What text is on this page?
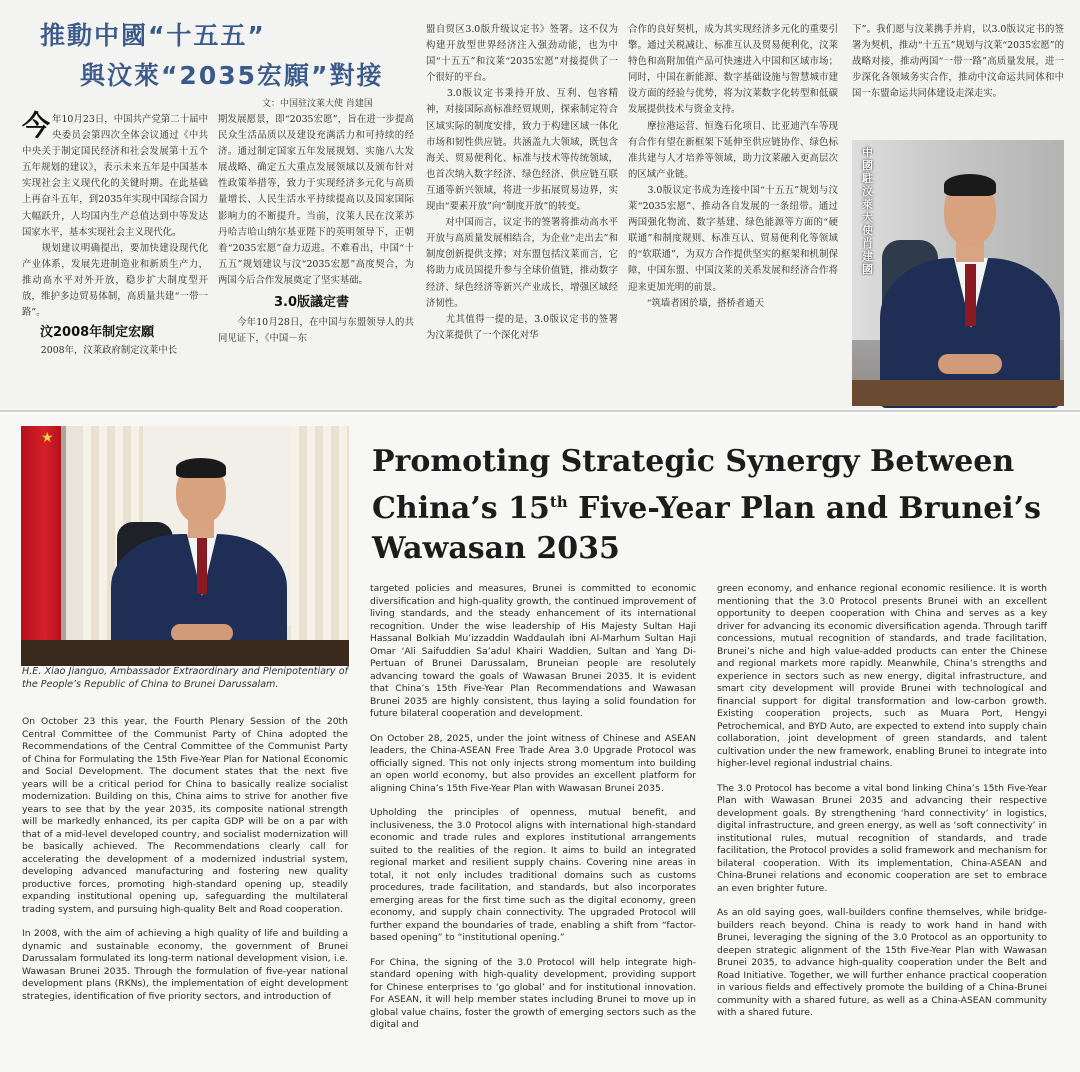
推動中國“十五五”
與汶萊“2035宏願”對接
文：中国驻汶莱大使 肖建国

今年10月23日，中国共产党第二十届中央委员会第四次全体会议通过《中共中央关于制定国民经济和社会发展第十五个五年规划的建议》，表示未来五年是中国基本实现社会主义现代化的关键时期。在此基础上再奋斗五年，到2035年实现中国综合国力大幅跃升，人均国内生产总值达到中等发达国家水平，基本实现社会主义现代化。

　　规划建议明确提出，要加快建设现代化产业体系，发展先进制造业和新质生产力，推动高水平对外开放，稳步扩大制度型开放，维护多边贸易体制，高质量共建“一带一路”。

汶2008年制定宏願

　　2008年，汶莱政府制定汶莱中长

期发展愿景，即“2035宏愿”，旨在进一步提高民众生活品质以及建设充满活力和可持续的经济。通过制定国家五年发展规划、实施八大发展战略、确定五大重点发展领域以及颁布针对性政策举措等，致力于实现经济多元化与高质量增长、人民生活水平持续提高以及国家国际影响力的不断提升。当前，汶莱人民在汶莱苏丹哈吉哈山纳尔基亚陛下的英明领导下，正朝着“2035宏愿”奋力迈进。不难看出，中国“十五五”规划建议与汶“2035宏愿”高度契合，为两国今后合作发展奠定了坚实基础。

3.0版議定書

　　今年10月28日，在中国与东盟领导人的共同见证下，《中国－东

盟自贸区3.0版升级议定书》签署。这不仅为构建开放型世界经济注入强劲动能，也为中国“十五五”和汶莱“2035宏愿”对接提供了一个很好的平台。

　　3.0版议定书秉持开放、互利、包容精神，对接国际高标准经贸规则，探索制定符合区域实际的制度安排，致力于构建区域一体化市场和韧性供应链。共涵盖九大领域，既包含海关、贸易便利化、标准与技术等传统领域，也首次纳入数字经济、绿色经济、供应链互联互通等新兴领域，将进一步拓展贸易边界，实现由“要素开放”向“制度开放”的转变。

　　对中国而言，议定书的签署将推动高水平开放与高质量发展相结合，为企业“走出去”和制度创新提供支撑；对东盟包括汶莱而言，它将助力成员国提升参与全球价值链，推动数字经济、绿色经济等新兴产业成长，增强区域经济韧性。

　　尤其值得一提的是，3.0版议定书的签署为汶莱提供了一个深化对华

合作的良好契机，成为其实现经济多元化的重要引擎。通过关税减让、标准互认及贸易便利化，汶莱特色和高附加值产品可快速进入中国和区域市场；同时，中国在新能源、数字基础设施与智慧城市建设方面的经验与优势，将为汶莱数字化转型和低碳发展提供技术与资金支持。

　　摩拉港运营、恒逸石化项目、比亚迪汽车等现有合作有望在新框架下延伸至供应链协作、绿色标准共建与人才培养等领域，助力汶莱融入更高层次的区域产业链。

　　3.0版议定书成为连接中国“十五五”规划与汶莱“2035宏愿”、推动各自发展的一条纽带。通过两国强化物流、数字基建、绿色能源等方面的“硬联通”和制度规则、标准互认、贸易便利化等领域的“软联通”，为双方合作提供坚实的框架和机制保障，中国东盟、中国汶莱的关系发展和经济合作将迎来更加光明的前景。

　　“筑墙者困於墙，搭桥者通天

下”。我们愿与汶莱携手并肩，以3.0版议定书的签署为契机，推动“十五五”规划与汶莱“2035宏愿”的战略对接，推动两国“一带一路”高质量发展，进一步深化各领域务实合作，推动中汶命运共同体和中国一东盟命运共同体建设走深走实。

中國駐汶萊大使肖建國
★
H.E. Xiao Jianguo, Ambassador Extraordinary and Plenipotentiary of the People’s Republic of China to Brunei Darussalam.
Promoting Strategic Synergy Between China’s 15th Five-Year Plan and Brunei’s Wawasan 2035

On October 23 this year, the Fourth Plenary Session of the 20th Central Committee of the Communist Party of China adopted the Recommendations of the Central Committee of the Communist Party of China for Formulating the 15th Five-Year Plan for National Economic and Social Development. The document states that the next five years will be a critical period for China to basically realize socialist modernization. Building on this, China aims to strive for another five years to see that by the year 2035, its composite national strength will be markedly enhanced, its per capita GDP will be on a par with that of a mid-level developed country, and socialist modernization will be basically achieved. The Recommendations clearly call for accelerating the development of a modernized industrial system, developing advanced manufacturing and fostering new quality productive forces, promoting high-standard opening up, steadily expanding institutional opening up, safeguarding the multilateral trading system, and pursuing high-quality Belt and Road cooperation.

In 2008, with the aim of achieving a high quality of life and building a dynamic and sustainable economy, the government of Brunei Darussalam formulated its long-term national development vision, i.e. Wawasan Brunei 2035. Through the formulation of five-year national development plans (RKNs), the implementation of eight development strategies, identification of five priority sectors, and introduction of

targeted policies and measures, Brunei is committed to economic diversification and high-quality growth, the continued improvement of living standards, and the steady enhancement of its international recognition. Under the wise leadership of His Majesty Sultan Haji Hassanal Bolkiah Mu’izzaddin Waddaulah ibni Al-Marhum Sultan Haji Omar ‘Ali Saifuddien Sa’adul Khairi Waddien, Sultan and Yang Di-Pertuan of Brunei Darussalam, Bruneian people are resolutely advancing toward the goals of Wawasan Brunei 2035. It is evident that China’s 15th Five-Year Plan Recommendations and Wawasan Brunei 2035 are highly consistent, thus laying a solid foundation for future bilateral cooperation and development.

On October 28, 2025, under the joint witness of Chinese and ASEAN leaders, the China-ASEAN Free Trade Area 3.0 Upgrade Protocol was officially signed. This not only injects strong momentum into building an open world economy, but also provides an excellent platform for aligning China’s 15th Five-Year Plan with Wawasan Brunei 2035.

Upholding the principles of openness, mutual benefit, and inclusiveness, the 3.0 Protocol aligns with international high-standard economic and trade rules and explores institutional arrangements suited to the realities of the region. It aims to build an integrated regional market and resilient supply chains. Covering nine areas in total, it not only includes traditional domains such as customs procedures, trade facilitation, and standards, but also incorporates emerging areas for the first time such as the digital economy, green economy, and supply chain connectivity. The upgraded Protocol will further expand the boundaries of trade, enabling a shift from “factor-based opening” to “institutional opening.”

For China, the signing of the 3.0 Protocol will help integrate high-standard opening with high-quality development, providing support for Chinese enterprises to ‘go global’ and for institutional innovation. For ASEAN, it will help member states including Brunei to move up in global value chains, foster the growth of emerging sectors such as the digital and

green economy, and enhance regional economic resilience. It is worth mentioning that the 3.0 Protocol presents Brunei with an excellent opportunity to deepen cooperation with China and serves as a key driver for advancing its economic diversification agenda. Through tariff concessions, mutual recognition of standards, and trade facilitation, Brunei’s niche and high value-added products can enter the Chinese and regional markets more rapidly. Meanwhile, China’s strengths and experience in sectors such as new energy, digital infrastructure, and smart city development will provide Brunei with technological and financial support for digital transformation and low-carbon growth. Existing cooperation projects, such as Muara Port, Hengyi Petrochemical, and BYD Auto, are expected to extend into supply chain collaboration, joint development of green standards, and talent cultivation under the new framework, enabling Brunei to integrate into higher-level regional industrial chains.

The 3.0 Protocol has become a vital bond linking China’s 15th Five-Year Plan with Wawasan Brunei 2035 and advancing their respective development goals. By strengthening ‘hard connectivity’ in logistics, digital infrastructure, and green energy, as well as ‘soft connectivity’ in institutional rules, mutual recognition of standards, and trade facilitation, the Protocol provides a solid framework and mechanism for bilateral cooperation. With its implementation, China-ASEAN and China-Brunei relations and economic cooperation are set to embrace an even brighter future.

As an old saying goes, wall-builders confine themselves, while bridge-builders reach beyond. China is ready to work hand in hand with Brunei, leveraging the signing of the 3.0 Protocol as an opportunity to deepen strategic alignment of the 15th Five-Year Plan with Wawasan Brunei 2035, to advance high-quality cooperation under the Belt and Road Initiative. Together, we will further enhance practical cooperation in various fields and effectively promote the building of a China-Brunei community with a shared future, as well as a China-ASEAN community with a shared future.
